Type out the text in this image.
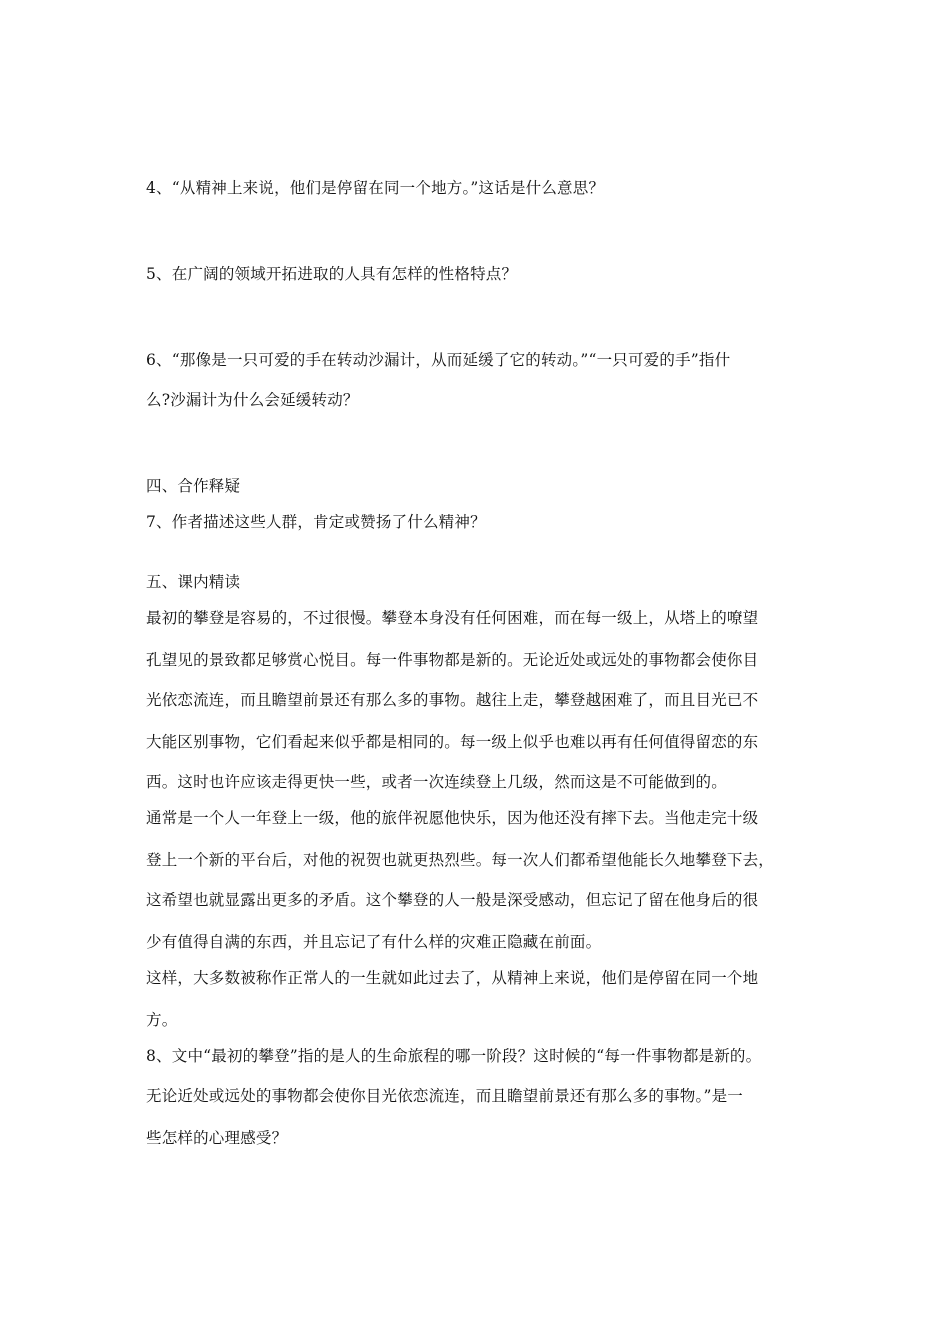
4、“从精神上来说，他们是停留在同一个地方。”这话是什么意思？
5、在广阔的领域开拓进取的人具有怎样的性格特点？
6、“那像是一只可爱的手在转动沙漏计，从而延缓了它的转动。”“一只可爱的手”指什
么?沙漏计为什么会延缓转动？
四、合作释疑
7、作者描述这些人群，肯定或赞扬了什么精神？
五、课内精读
最初的攀登是容易的，不过很慢。攀登本身没有任何困难，而在每一级上，从塔上的嘹望
孔望见的景致都足够赏心悦目。每一件事物都是新的。无论近处或远处的事物都会使你目
光依恋流连，而且瞻望前景还有那么多的事物。越往上走，攀登越困难了，而且目光已不
大能区别事物，它们看起来似乎都是相同的。每一级上似乎也难以再有任何值得留恋的东
西。这时也许应该走得更快一些，或者一次连续登上几级，然而这是不可能做到的。
通常是一个人一年登上一级，他的旅伴祝愿他快乐，因为他还没有摔下去。当他走完十级
登上一个新的平台后，对他的祝贺也就更热烈些。每一次人们都希望他能长久地攀登下去，
这希望也就显露出更多的矛盾。这个攀登的人一般是深受感动，但忘记了留在他身后的很
少有值得自满的东西，并且忘记了有什么样的灾难正隐藏在前面。
这样，大多数被称作正常人的一生就如此过去了，从精神上来说，他们是停留在同一个地
方。
8、文中“最初的攀登”指的是人的生命旅程的哪一阶段？这时候的“每一件事物都是新的。
无论近处或远处的事物都会使你目光依恋流连，而且瞻望前景还有那么多的事物。”是一
些怎样的心理感受？
